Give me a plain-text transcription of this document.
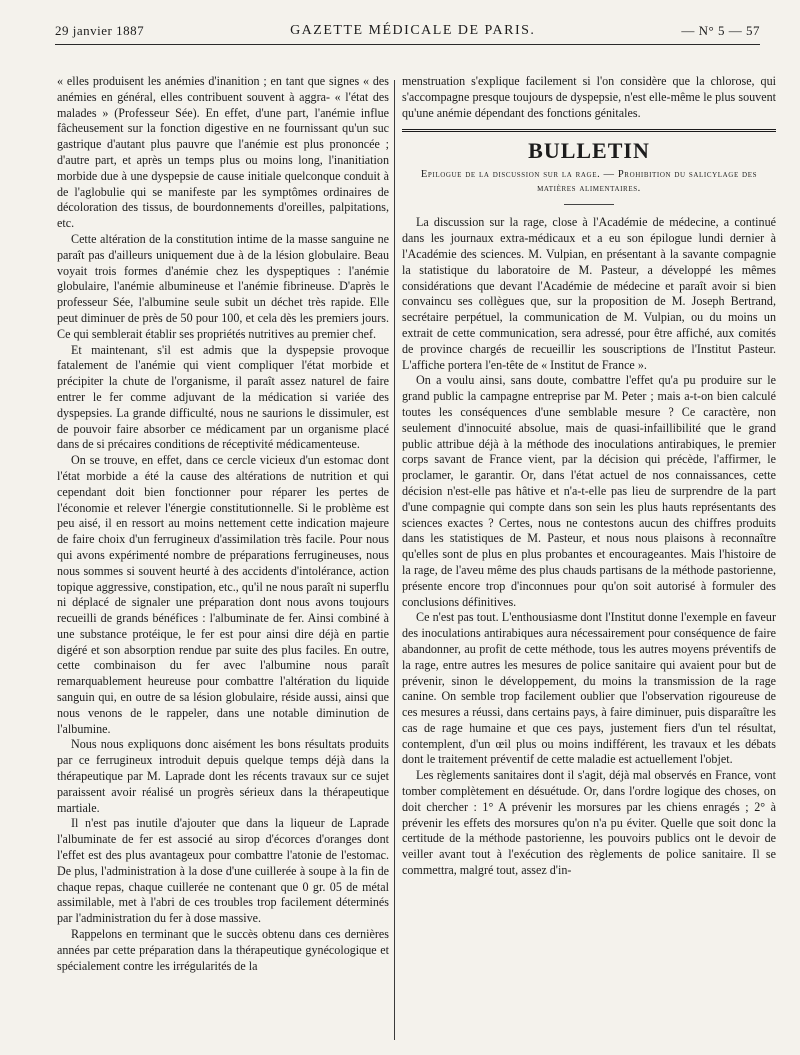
29 janvier 1887	GAZETTE MÉDICALE DE PARIS.	— N° 5 — 57

« elles produisent les anémies d'inanition ; en tant que signes « des anémies en général, elles contribuent souvent à aggra- « l'état des malades » (Professeur Sée). En effet, d'une part, l'anémie influe fâcheusement sur la fonction digestive en ne fournissant qu'un suc gastrique d'autant plus pauvre que l'anémie est plus prononcée ; d'autre part, et après un temps plus ou moins long, l'inanitiation morbide due à une dyspepsie de cause initiale quelconque conduit à de l'aglobulie qui se manifeste par les symptômes ordinaires de décoloration des tissus, de bourdonnements d'oreilles, palpitations, etc.

Cette altération de la constitution intime de la masse sanguine ne paraît pas d'ailleurs uniquement due à de la lésion globulaire. Beau voyait trois formes d'anémie chez les dyspeptiques : l'anémie globulaire, l'anémie albumineuse et l'anémie fibrineuse. D'après le professeur Sée, l'albumine seule subit un déchet très rapide. Elle peut diminuer de près de 50 pour 100, et cela dès les premiers jours. Ce qui semblerait établir ses propriétés nutritives au premier chef.

Et maintenant, s'il est admis que la dyspepsie provoque fatalement de l'anémie qui vient compliquer l'état morbide et précipiter la chute de l'organisme, il paraît assez naturel de faire entrer le fer comme adjuvant de la médication si variée des dyspepsies. La grande difficulté, nous ne saurions le dissimuler, est de pouvoir faire absorber ce médicament par un organisme placé dans de si précaires conditions de réceptivité médicamenteuse.

On se trouve, en effet, dans ce cercle vicieux d'un estomac dont l'état morbide a été la cause des altérations de nutrition et qui cependant doit bien fonctionner pour réparer les pertes de l'économie et relever l'énergie constitutionnelle. Si le problème est peu aisé, il en ressort au moins nettement cette indication majeure de faire choix d'un ferrugineux d'assimilation très facile. Pour nous qui avons expérimenté nombre de préparations ferrugineuses, nous nous sommes si souvent heurté à des accidents d'intolérance, action topique aggressive, constipation, etc., qu'il ne nous paraît ni superflu ni déplacé de signaler une préparation dont nous avons toujours recueilli de grands bénéfices : l'albuminate de fer. Ainsi combiné à une substance protéique, le fer est pour ainsi dire déjà en partie digéré et son absorption rendue par suite des plus faciles. En outre, cette combinaison du fer avec l'albumine nous paraît remarquablement heureuse pour combattre l'altération du liquide sanguin qui, en outre de sa lésion globulaire, réside aussi, ainsi que nous venons de le rappeler, dans une notable diminution de l'albumine.

Nous nous expliquons donc aisément les bons résultats produits par ce ferrugineux introduit depuis quelque temps déjà dans la thérapeutique par M. Laprade dont les récents travaux sur ce sujet paraissent avoir réalisé un progrès sérieux dans la thérapeutique martiale.

Il n'est pas inutile d'ajouter que dans la liqueur de Laprade l'albuminate de fer est associé au sirop d'écorces d'oranges dont l'effet est des plus avantageux pour combattre l'atonie de l'estomac. De plus, l'administration à la dose d'une cuillerée à soupe à la fin de chaque repas, chaque cuillerée ne contenant que 0 gr. 05 de métal assimilable, met à l'abri de ces troubles trop facilement déterminés par l'administration du fer à dose massive.

Rappelons en terminant que le succès obtenu dans ces dernières années par cette préparation dans la thérapeutique gynécologique et spécialement contre les irrégularités de la

menstruation s'explique facilement si l'on considère que la chlorose, qui s'accompagne presque toujours de dyspepsie, n'est elle-même le plus souvent qu'une anémie dépendant des fonctions génitales.

BULLETIN
Epilogue de la discussion sur la rage. — Prohibition du salicylage des matières alimentaires.

La discussion sur la rage, close à l'Académie de médecine, a continué dans les journaux extra-médicaux et a eu son épilogue lundi dernier à l'Académie des sciences. M. Vulpian, en présentant à la savante compagnie la statistique du laboratoire de M. Pasteur, a développé les mêmes considérations que devant l'Académie de médecine et paraît avoir si bien convaincu ses collègues que, sur la proposition de M. Joseph Bertrand, secrétaire perpétuel, la communication de M. Vulpian, ou du moins un extrait de cette communication, sera adressé, pour être affiché, aux comités de province chargés de recueillir les souscriptions de l'Institut Pasteur. L'affiche portera l'en-tête de « Institut de France ».

On a voulu ainsi, sans doute, combattre l'effet qu'a pu produire sur le grand public la campagne entreprise par M. Peter ; mais a-t-on bien calculé toutes les conséquences d'une semblable mesure ? Ce caractère, non seulement d'innocuité absolue, mais de quasi-infaillibilité que le grand public attribue déjà à la méthode des inoculations antirabiques, le premier corps savant de France vient, par la décision qui précède, l'affirmer, le proclamer, le garantir. Or, dans l'état actuel de nos connaissances, cette décision n'est-elle pas hâtive et n'a-t-elle pas lieu de surprendre de la part d'une compagnie qui compte dans son sein les plus hauts représentants des sciences exactes ? Certes, nous ne contestons aucun des chiffres produits dans les statistiques de M. Pasteur, et nous nous plaisons à reconnaître qu'elles sont de plus en plus probantes et encourageantes. Mais l'histoire de la rage, de l'aveu même des plus chauds partisans de la méthode pastorienne, présente encore trop d'inconnues pour qu'on soit autorisé à formuler des conclusions définitives.

Ce n'est pas tout. L'enthousiasme dont l'Institut donne l'exemple en faveur des inoculations antirabiques aura nécessairement pour conséquence de faire abandonner, au profit de cette méthode, tous les autres moyens préventifs de la rage, entre autres les mesures de police sanitaire qui avaient pour but de prévenir, sinon le développement, du moins la transmission de la rage canine. On semble trop facilement oublier que l'observation rigoureuse de ces mesures a réussi, dans certains pays, à faire diminuer, puis disparaître les cas de rage humaine et que ces pays, justement fiers d'un tel résultat, contemplent, d'un œil plus ou moins indifférent, les travaux et les débats dont le traitement préventif de cette maladie est actuellement l'objet.

Les règlements sanitaires dont il s'agit, déjà mal observés en France, vont tomber complètement en désuétude. Or, dans l'ordre logique des choses, on doit chercher : 1° A prévenir les morsures par les chiens enragés ; 2° à prévenir les effets des morsures qu'on n'a pu éviter. Quelle que soit donc la certitude de la méthode pastorienne, les pouvoirs publics ont le devoir de veiller avant tout à l'exécution des règlements de police sanitaire. Il se commettra, malgré tout, assez d'in-
